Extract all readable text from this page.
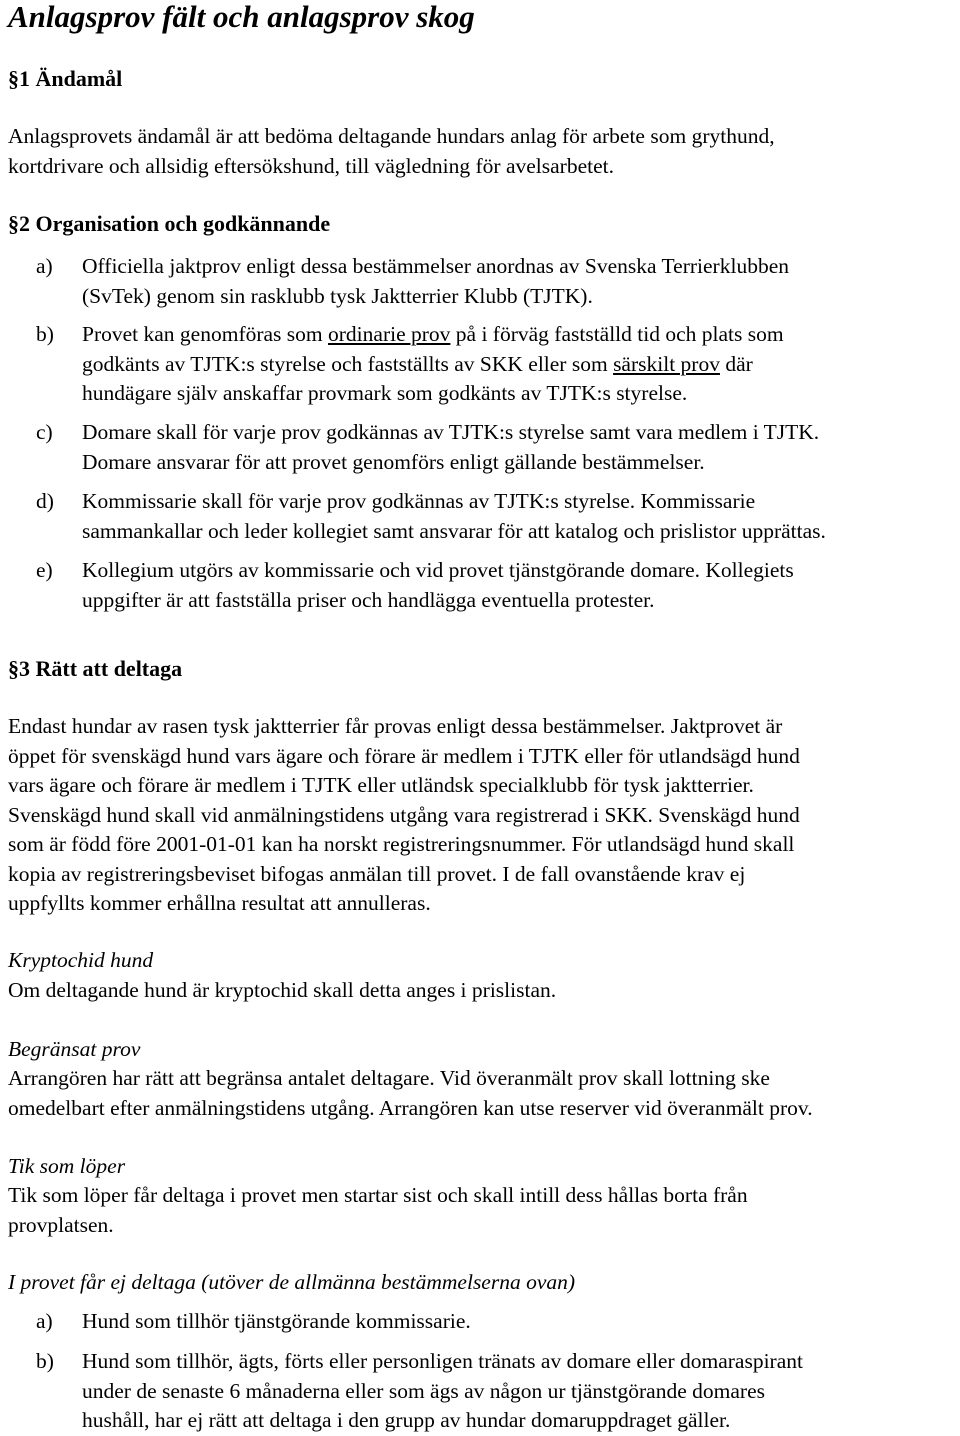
Anlagsprov fält och anlagsprov skog
§1 Ändamål

Anlagsprovets ändamål är att bedöma deltagande hundars anlag för arbete som grythund,
kortdrivare och allsidig eftersökshund, till vägledning för avelsarbetet.

§2 Organisation och godkännande
a) Officiella jaktprov enligt dessa bestämmelser anordnas av Svenska Terrierklubben
(SvTek) genom sin rasklubb tysk Jaktterrier Klubb (TJTK).
b) Provet kan genomföras som ordinarie prov på i förväg fastställd tid och plats som
godkänts av TJTK:s styrelse och fastställts av SKK eller som särskilt prov där
hundägare själv anskaffar provmark som godkänts av TJTK:s styrelse.
c) Domare skall för varje prov godkännas av TJTK:s styrelse samt vara medlem i TJTK.
Domare ansvarar för att provet genomförs enligt gällande bestämmelser.
d) Kommissarie skall för varje prov godkännas av TJTK:s styrelse. Kommissarie
sammankallar och leder kollegiet samt ansvarar för att katalog och prislistor upprättas.
e) Kollegium utgörs av kommissarie och vid provet tjänstgörande domare. Kollegiets
uppgifter är att fastställa priser och handlägga eventuella protester.
§3 Rätt att deltaga

Endast hundar av rasen tysk jaktterrier får provas enligt dessa bestämmelser. Jaktprovet är
öppet för svenskägd hund vars ägare och förare är medlem i TJTK eller för utlandsägd hund
vars ägare och förare är medlem i TJTK eller utländsk specialklubb för tysk jaktterrier.
Svenskägd hund skall vid anmälningstidens utgång vara registrerad i SKK. Svenskägd hund
som är född före 2001-01-01 kan ha norskt registreringsnummer. För utlandsägd hund skall
kopia av registreringsbeviset bifogas anmälan till provet. I de fall ovanstående krav ej
uppfyllts kommer erhållna resultat att annulleras.

Kryptochid hund

Om deltagande hund är kryptochid skall detta anges i prislistan.

Begränsat prov

Arrangören har rätt att begränsa antalet deltagare. Vid överanmält prov skall lottning ske
omedelbart efter anmälningstidens utgång. Arrangören kan utse reserver vid överanmält prov.

Tik som löper

Tik som löper får deltaga i provet men startar sist och skall intill dess hållas borta från
provplatsen.

I provet får ej deltaga (utöver de allmänna bestämmelserna ovan)

a) Hund som tillhör tjänstgörande kommissarie.
b) Hund som tillhör, ägts, förts eller personligen tränats av domare eller domaraspirant
under de senaste 6 månaderna eller som ägs av någon ur tjänstgörande domares
hushåll, har ej rätt att deltaga i den grupp av hundar domaruppdraget gäller.
